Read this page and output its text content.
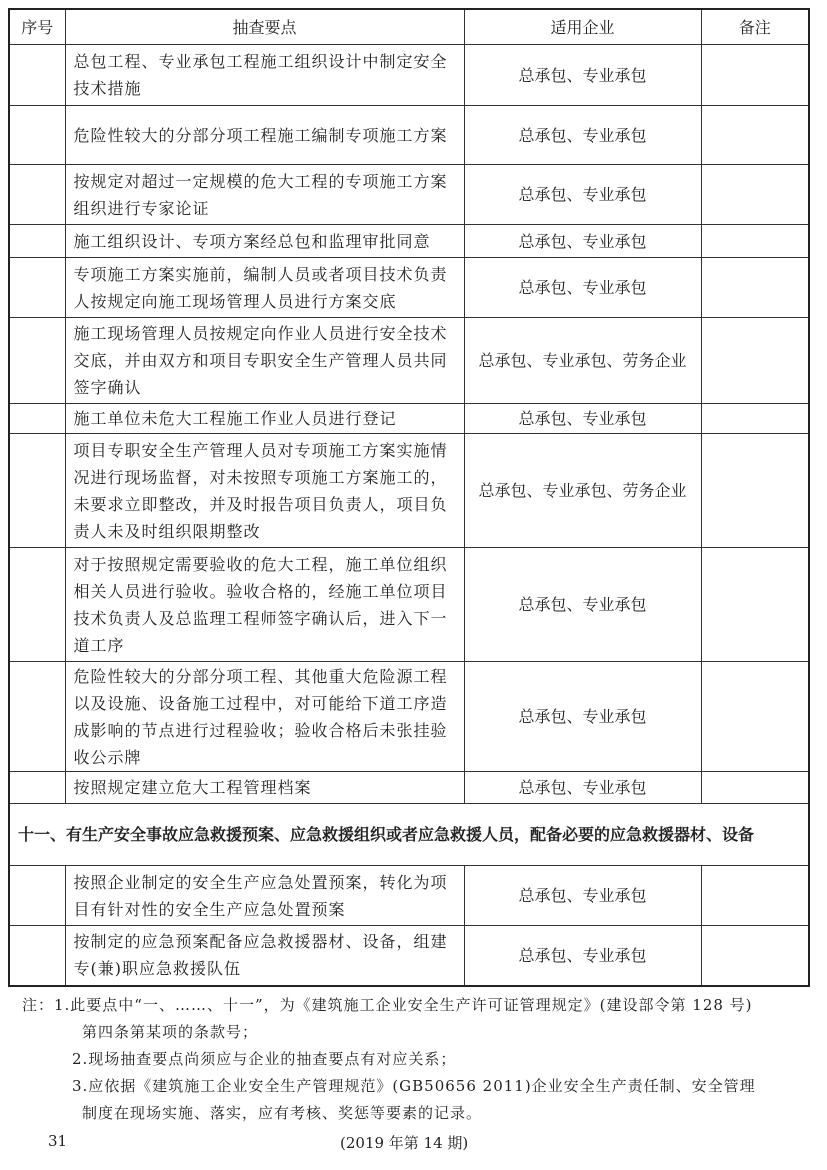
序号	抽查要点	适用企业	备注
	总包工程、专业承包工程施工组织设计中制定安全技术措施	总承包、专业承包	
	危险性较大的分部分项工程施工编制专项施工方案	总承包、专业承包	
	按规定对超过一定规模的危大工程的专项施工方案组织进行专家论证	总承包、专业承包	
	施工组织设计、专项方案经总包和监理审批同意	总承包、专业承包	
	专项施工方案实施前，编制人员或者项目技术负责人按规定向施工现场管理人员进行方案交底	总承包、专业承包	
	施工现场管理人员按规定向作业人员进行安全技术交底，并由双方和项目专职安全生产管理人员共同签字确认	总承包、专业承包、劳务企业	
	施工单位未危大工程施工作业人员进行登记	总承包、专业承包	
	项目专职安全生产管理人员对专项施工方案实施情况进行现场监督，对未按照专项施工方案施工的，未要求立即整改，并及时报告项目负责人，项目负责人未及时组织限期整改	总承包、专业承包、劳务企业	
	对于按照规定需要验收的危大工程，施工单位组织相关人员进行验收。验收合格的，经施工单位项目技术负责人及总监理工程师签字确认后，进入下一道工序	总承包、专业承包	
	危险性较大的分部分项工程、其他重大危险源工程以及设施、设备施工过程中，对可能给下道工序造成影响的节点进行过程验收；验收合格后未张挂验收公示牌	总承包、专业承包	
	按照规定建立危大工程管理档案	总承包、专业承包	
十一、有生产安全事故应急救援预案、应急救援组织或者应急救援人员，配备必要的应急救援器材、设备			
	按照企业制定的安全生产应急处置预案，转化为项目有针对性的安全生产应急处置预案	总承包、专业承包	
	按制定的应急预案配备应急救援器材、设备，组建专(兼)职应急救援队伍	总承包、专业承包	

注：1.此要点中“一、……、十一”，为《建筑施工企业安全生产许可证管理规定》(建设部令第 128 号)

第四条第某项的条款号；

2.现场抽查要点尚须应与企业的抽查要点有对应关系；

3.应依据《建筑施工企业安全生产管理规范》(GB50656 2011)企业安全生产责任制、安全管理

制度在现场实施、落实，应有考核、奖惩等要素的记录。

31	(2019 年第 14 期)
